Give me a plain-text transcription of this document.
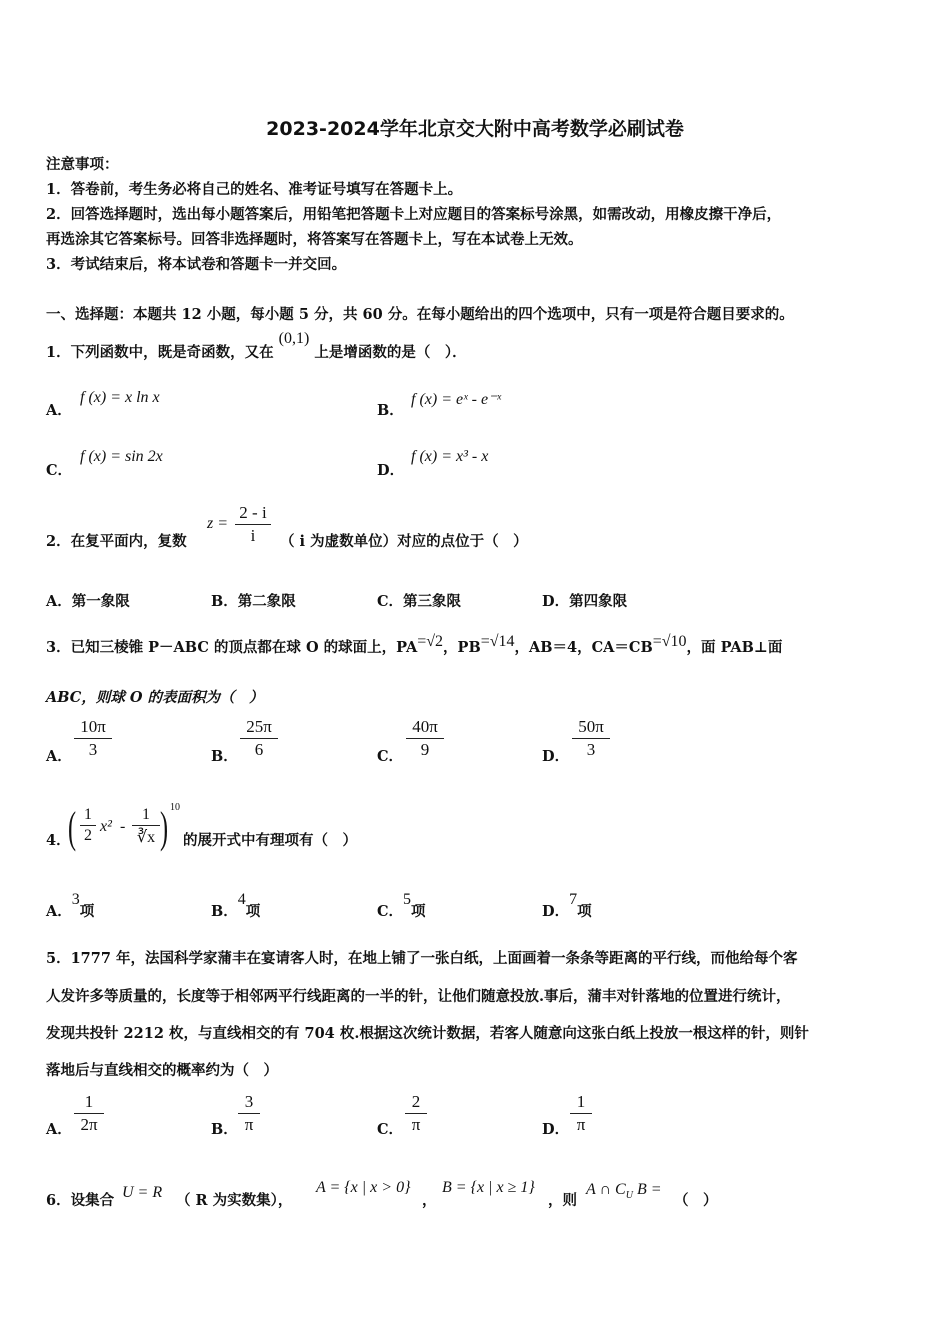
2023-2024学年北京交大附中高考数学必刷试卷
注意事项：
1．答卷前，考生务必将自己的姓名、准考证号填写在答题卡上。
2．回答选择题时，选出每小题答案后，用铅笔把答题卡上对应题目的答案标号涂黑，如需改动，用橡皮擦干净后，
再选涂其它答案标号。回答非选择题时，将答案写在答题卡上，写在本试卷上无效。
3．考试结束后，将本试卷和答题卡一并交回。
一、选择题：本题共 12 小题，每小题 5 分，共 60 分。在每小题给出的四个选项中，只有一项是符合题目要求的。
1．下列函数中，既是奇函数，又在 (0,1) 上是增函数的是（　）．
A．
f (x) = x ln x
B．
f (x) = eˣ - e⁻ˣ
C．
f (x) = sin 2x
D．
f (x) = x³ - x
2．在复平面内，复数
$z = \frac{2 - i}{i}$ （ i 为虚数单位）对应的点位于（　）
A．第一象限	B．第二象限	C．第三象限	D．第四象限
3．已知三棱锥 P－ABC 的顶点都在球 O 的球面上，PA=√2，PB=√14，AB＝4，CA＝CB=√10，面 PAB⊥面
ABC，则球 O 的表面积为（　）
A． $\frac{10\pi}{3}$	B． $\frac{25\pi}{6}$	C． $\frac{40\pi}{9}$	D． $\frac{50\pi}{3}$
4．
( $\frac{1}{2} x^2 - \frac{1}{∛x}$ ) 10
的展开式中有理项有（　）
A．3项	B．4项	C．5项	D．7项
5．1777 年，法国科学家蒲丰在宴请客人时，在地上铺了一张白纸，上面画着一条条等距离的平行线，而他给每个客
人发许多等质量的，长度等于相邻两平行线距离的一半的针，让他们随意投放.事后，蒲丰对针落地的位置进行统计，
发现共投针 2212 枚，与直线相交的有 704 枚.根据这次统计数据，若客人随意向这张白纸上投放一根这样的针，则针
落地后与直线相交的概率约为（　）
A． $\frac{1}{2\pi}$	B． $\frac{3}{\pi}$	C． $\frac{2}{\pi}$	D． $\frac{1}{\pi}$
6．设集合 U = R （ R 为实数集），
A = {x | x > 0}
，
B = {x | x ≥ 1}
，则
A ∩ $C_U$ B =
（　）
